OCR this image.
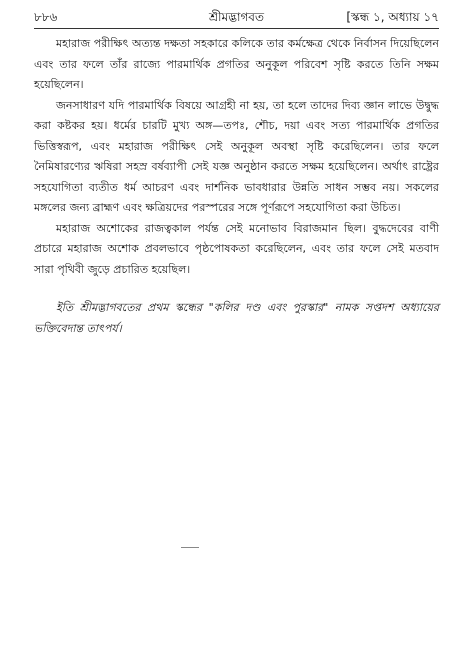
৮৮৬	শ্রীমদ্ভাগবত	[স্কন্ধ ১, অধ্যায় ১৭

মহারাজ পরীক্ষিৎ অত্যন্ত দক্ষতা সহকারে কলিকে তার কর্মক্ষেত্র থেকে নির্বাসন দিয়েছিলেন এবং তার ফলে তাঁর রাজ্যে পারমার্থিক প্রগতির অনুকূল পরিবেশ সৃষ্টি করতে তিনি সক্ষম হয়েছিলেন।

জনসাধারণ যদি পারমার্থিক বিষয়ে আগ্রহী না হয়, তা হলে তাদের দিব্য জ্ঞান লাভে উদ্বুদ্ধ করা কষ্টকর হয়। ধর্মের চারটি মুখ্য অঙ্গ—তপঃ, শৌচ, দয়া এবং সত্য পারমার্থিক প্রগতির ভিত্তিস্বরূপ, এবং মহারাজ পরীক্ষিৎ সেই অনুকূল অবস্থা সৃষ্টি করেছিলেন। তার ফলে নৈমিষারণ্যের ঋষিরা সহস্র বর্ষব্যাপী সেই যজ্ঞ অনুষ্ঠান করতে সক্ষম হয়েছিলেন। অর্থাৎ রাষ্ট্রের সহযোগিতা ব্যতীত ধর্ম আচরণ এবং দার্শনিক ভাবধারার উন্নতি সাধন সম্ভব নয়। সকলের মঙ্গলের জন্য ব্রাহ্মণ এবং ক্ষত্রিয়দের পরস্পরের সঙ্গে পূর্ণরূপে সহযোগিতা করা উচিত।

মহারাজ অশোকের রাজত্বকাল পর্যন্ত সেই মনোভাব বিরাজমান ছিল। বুদ্ধদেবের বাণী প্রচারে মহারাজ অশোক প্রবলভাবে পৃষ্ঠপোষকতা করেছিলেন, এবং তার ফলে সেই মতবাদ সারা পৃথিবী জুড়ে প্রচারিত হয়েছিল।

ইতি শ্রীমদ্ভাগবতের প্রথম স্কন্ধের "কলির দণ্ড এবং পুরস্কার" নামক সপ্তদশ অধ্যায়ের ভক্তিবেদান্ত তাৎপর্য।
